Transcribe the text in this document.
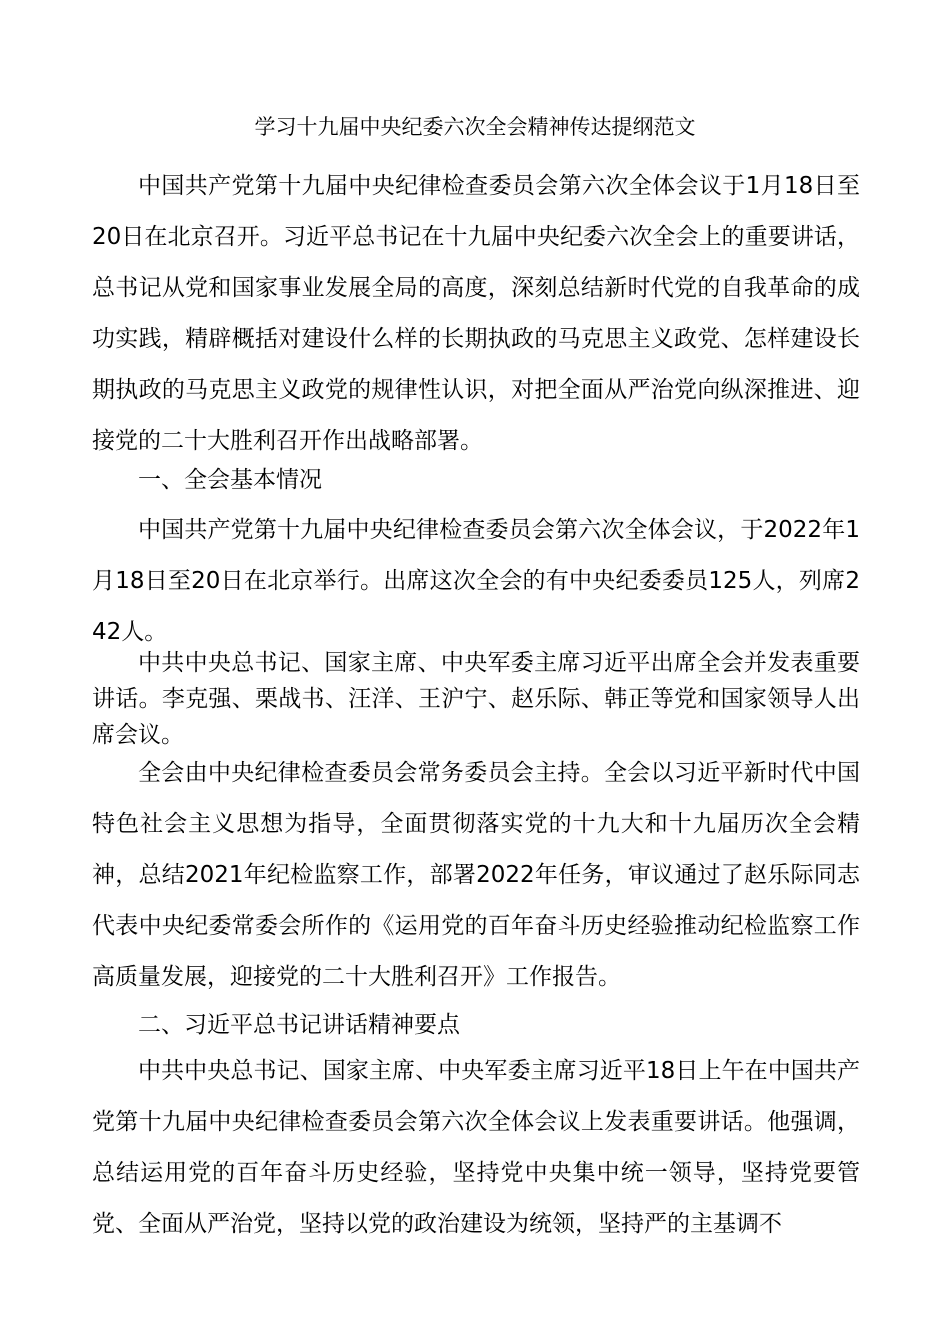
学习十九届中央纪委六次全会精神传达提纲范文

中国共产党第十九届中央纪律检查委员会第六次全体会议于1月18日至20日在北京召开。习近平总书记在十九届中央纪委六次全会上的重要讲话，总书记从党和国家事业发展全局的高度，深刻总结新时代党的自我革命的成功实践，精辟概括对建设什么样的长期执政的马克思主义政党、怎样建设长期执政的马克思主义政党的规律性认识，对把全面从严治党向纵深推进、迎接党的二十大胜利召开作出战略部署。

一、全会基本情况

中国共产党第十九届中央纪律检查委员会第六次全体会议，于2022年1月18日至20日在北京举行。出席这次全会的有中央纪委委员125人，列席242人。

中共中央总书记、国家主席、中央军委主席习近平出席全会并发表重要讲话。李克强、栗战书、汪洋、王沪宁、赵乐际、韩正等党和国家领导人出席会议。

全会由中央纪律检查委员会常务委员会主持。全会以习近平新时代中国特色社会主义思想为指导，全面贯彻落实党的十九大和十九届历次全会精神，总结2021年纪检监察工作，部署2022年任务，审议通过了赵乐际同志代表中央纪委常委会所作的《运用党的百年奋斗历史经验推动纪检监察工作高质量发展，迎接党的二十大胜利召开》工作报告。

二、习近平总书记讲话精神要点

中共中央总书记、国家主席、中央军委主席习近平18日上午在中国共产党第十九届中央纪律检查委员会第六次全体会议上发表重要讲话。他强调，总结运用党的百年奋斗历史经验，坚持党中央集中统一领导，坚持党要管党、全面从严治党，坚持以党的政治建设为统领，坚持严的主基调不
